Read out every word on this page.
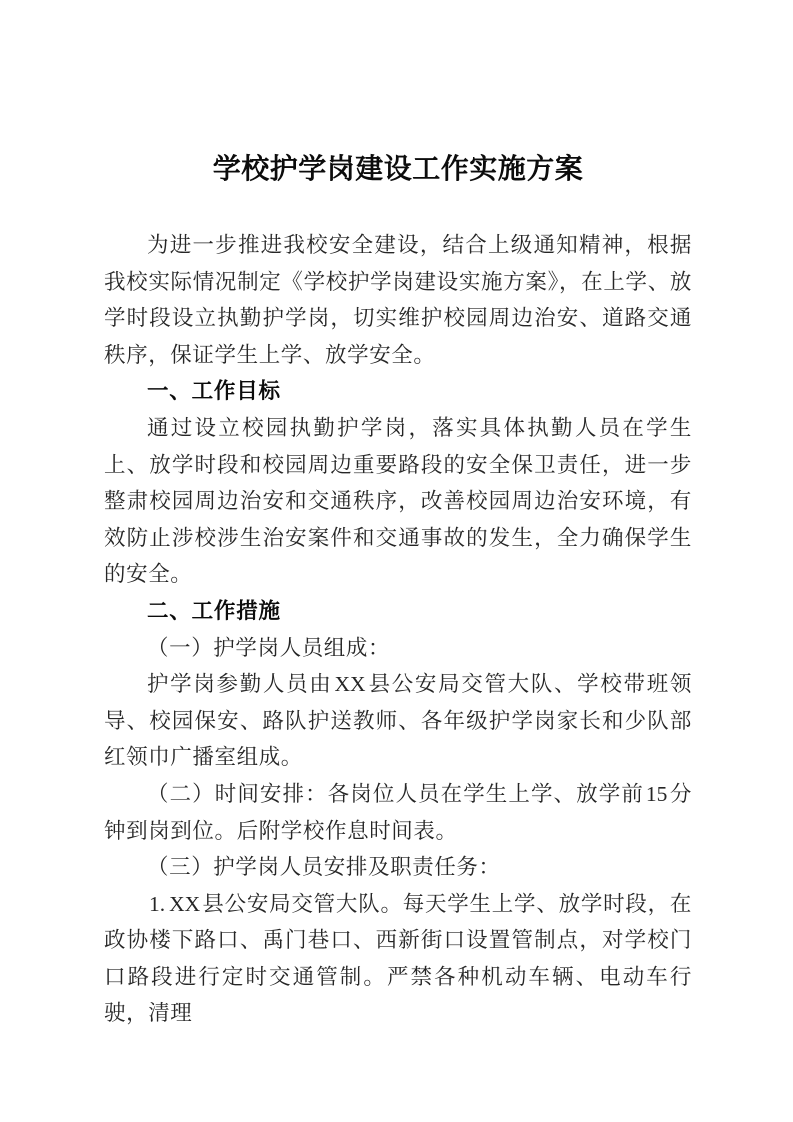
学校护学岗建设工作实施方案

为进一步推进我校安全建设，结合上级通知精神，根据我校实际情况制定《学校护学岗建设实施方案》，在上学、放学时段设立执勤护学岗，切实维护校园周边治安、道路交通秩序，保证学生上学、放学安全。

一、工作目标

通过设立校园执勤护学岗，落实具体执勤人员在学生上、放学时段和校园周边重要路段的安全保卫责任，进一步整肃校园周边治安和交通秩序，改善校园周边治安环境，有效防止涉校涉生治安案件和交通事故的发生，全力确保学生的安全。

二、工作措施

（一）护学岗人员组成：

护学岗参勤人员由XX县公安局交管大队、学校带班领导、校园保安、路队护送教师、各年级护学岗家长和少队部红领巾广播室组成。

（二）时间安排：各岗位人员在学生上学、放学前15分钟到岗到位。后附学校作息时间表。

（三）护学岗人员安排及职责任务：

1. XX县公安局交管大队。每天学生上学、放学时段，在政协楼下路口、禹门巷口、西新街口设置管制点，对学校门口路段进行定时交通管制。严禁各种机动车辆、电动车行驶，清理
